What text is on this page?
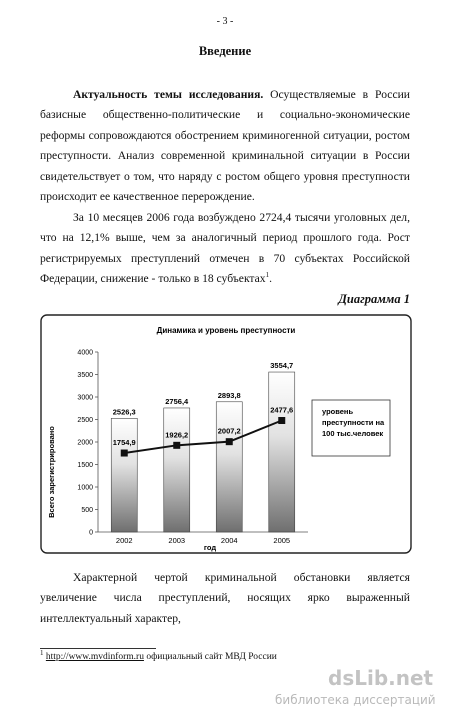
- 3 -
Введение
Актуальность темы исследования. Осуществляемые в России базисные общественно-политические и социально-экономические реформы сопровождаются обострением криминогенной ситуации, ростом преступности. Анализ современной криминальной ситуации в России свидетельствует о том, что наряду с ростом общего уровня преступности происходит ее качественное перерождение.
За 10 месяцев 2006 года возбуждено 2724,4 тысячи уголовных дел, что на 12,1% выше, чем за аналогичный период прошлого года. Рост регистрируемых преступлений отмечен в 70 субъектах Российской Федерации, снижение - только в 18 субъектах$^1$.
Диаграмма 1
Динамика и уровень преступности
Всего зарегистрировано
год
0
500
1000
1500
2000
2500
3000
3500
4000
2526,3
2756,4
2893,8
3554,7
2002	2003	2004	2005
1754,9
1926,2	2007,2
2477,6	уровень
преступности на
100 тыс.человек
Характерной чертой криминальной обстановки является увеличение числа преступлений, носящих ярко выраженный интеллектуальный характер,
$^1$ http://www.mvdinform.ru официальный сайт МВД России
dsLib.net
библиотека диссертаций
